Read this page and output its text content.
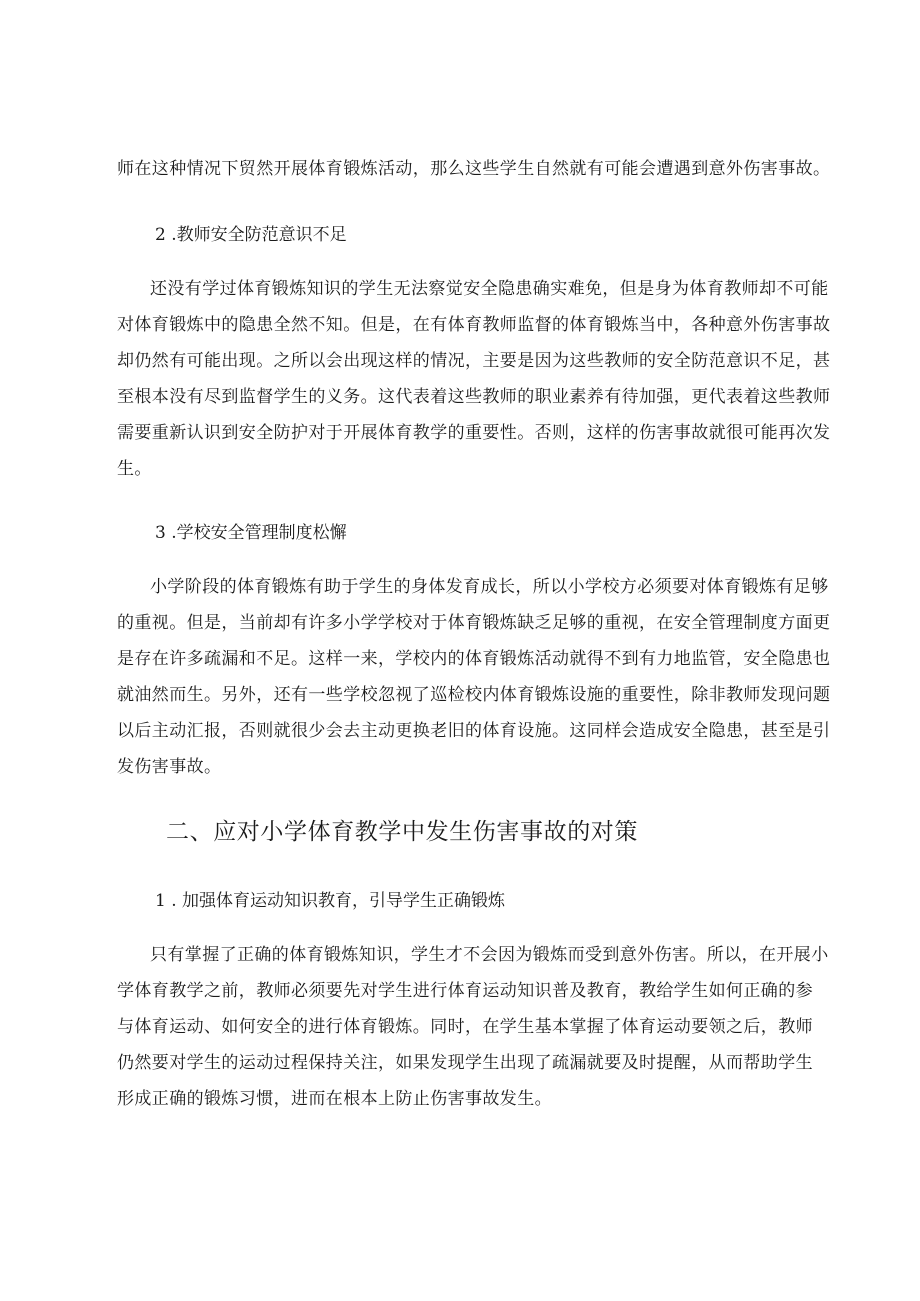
师在这种情况下贸然开展体育锻炼活动，那么这些学生自然就有可能会遭遇到意外伤害事故。
2 .教师安全防范意识不足
还没有学过体育锻炼知识的学生无法察觉安全隐患确实难免，但是身为体育教师却不可能
对体育锻炼中的隐患全然不知。但是，在有体育教师监督的体育锻炼当中，各种意外伤害事故
却仍然有可能出现。之所以会出现这样的情况，主要是因为这些教师的安全防范意识不足，甚
至根本没有尽到监督学生的义务。这代表着这些教师的职业素养有待加强，更代表着这些教师
需要重新认识到安全防护对于开展体育教学的重要性。否则，这样的伤害事故就很可能再次发
生。
3 .学校安全管理制度松懈
小学阶段的体育锻炼有助于学生的身体发育成长，所以小学校方必须要对体育锻炼有足够
的重视。但是，当前却有许多小学学校对于体育锻炼缺乏足够的重视，在安全管理制度方面更
是存在许多疏漏和不足。这样一来，学校内的体育锻炼活动就得不到有力地监管，安全隐患也
就油然而生。另外，还有一些学校忽视了巡检校内体育锻炼设施的重要性，除非教师发现问题
以后主动汇报，否则就很少会去主动更换老旧的体育设施。这同样会造成安全隐患，甚至是引
发伤害事故。
二、应对小学体育教学中发生伤害事故的对策
1 . 加强体育运动知识教育，引导学生正确锻炼
只有掌握了正确的体育锻炼知识，学生才不会因为锻炼而受到意外伤害。所以，在开展小
学体育教学之前，教师必须要先对学生进行体育运动知识普及教育，教给学生如何正确的参
与体育运动、如何安全的进行体育锻炼。同时，在学生基本掌握了体育运动要领之后，教师
仍然要对学生的运动过程保持关注，如果发现学生出现了疏漏就要及时提醒，从而帮助学生
形成正确的锻炼习惯，进而在根本上防止伤害事故发生。
